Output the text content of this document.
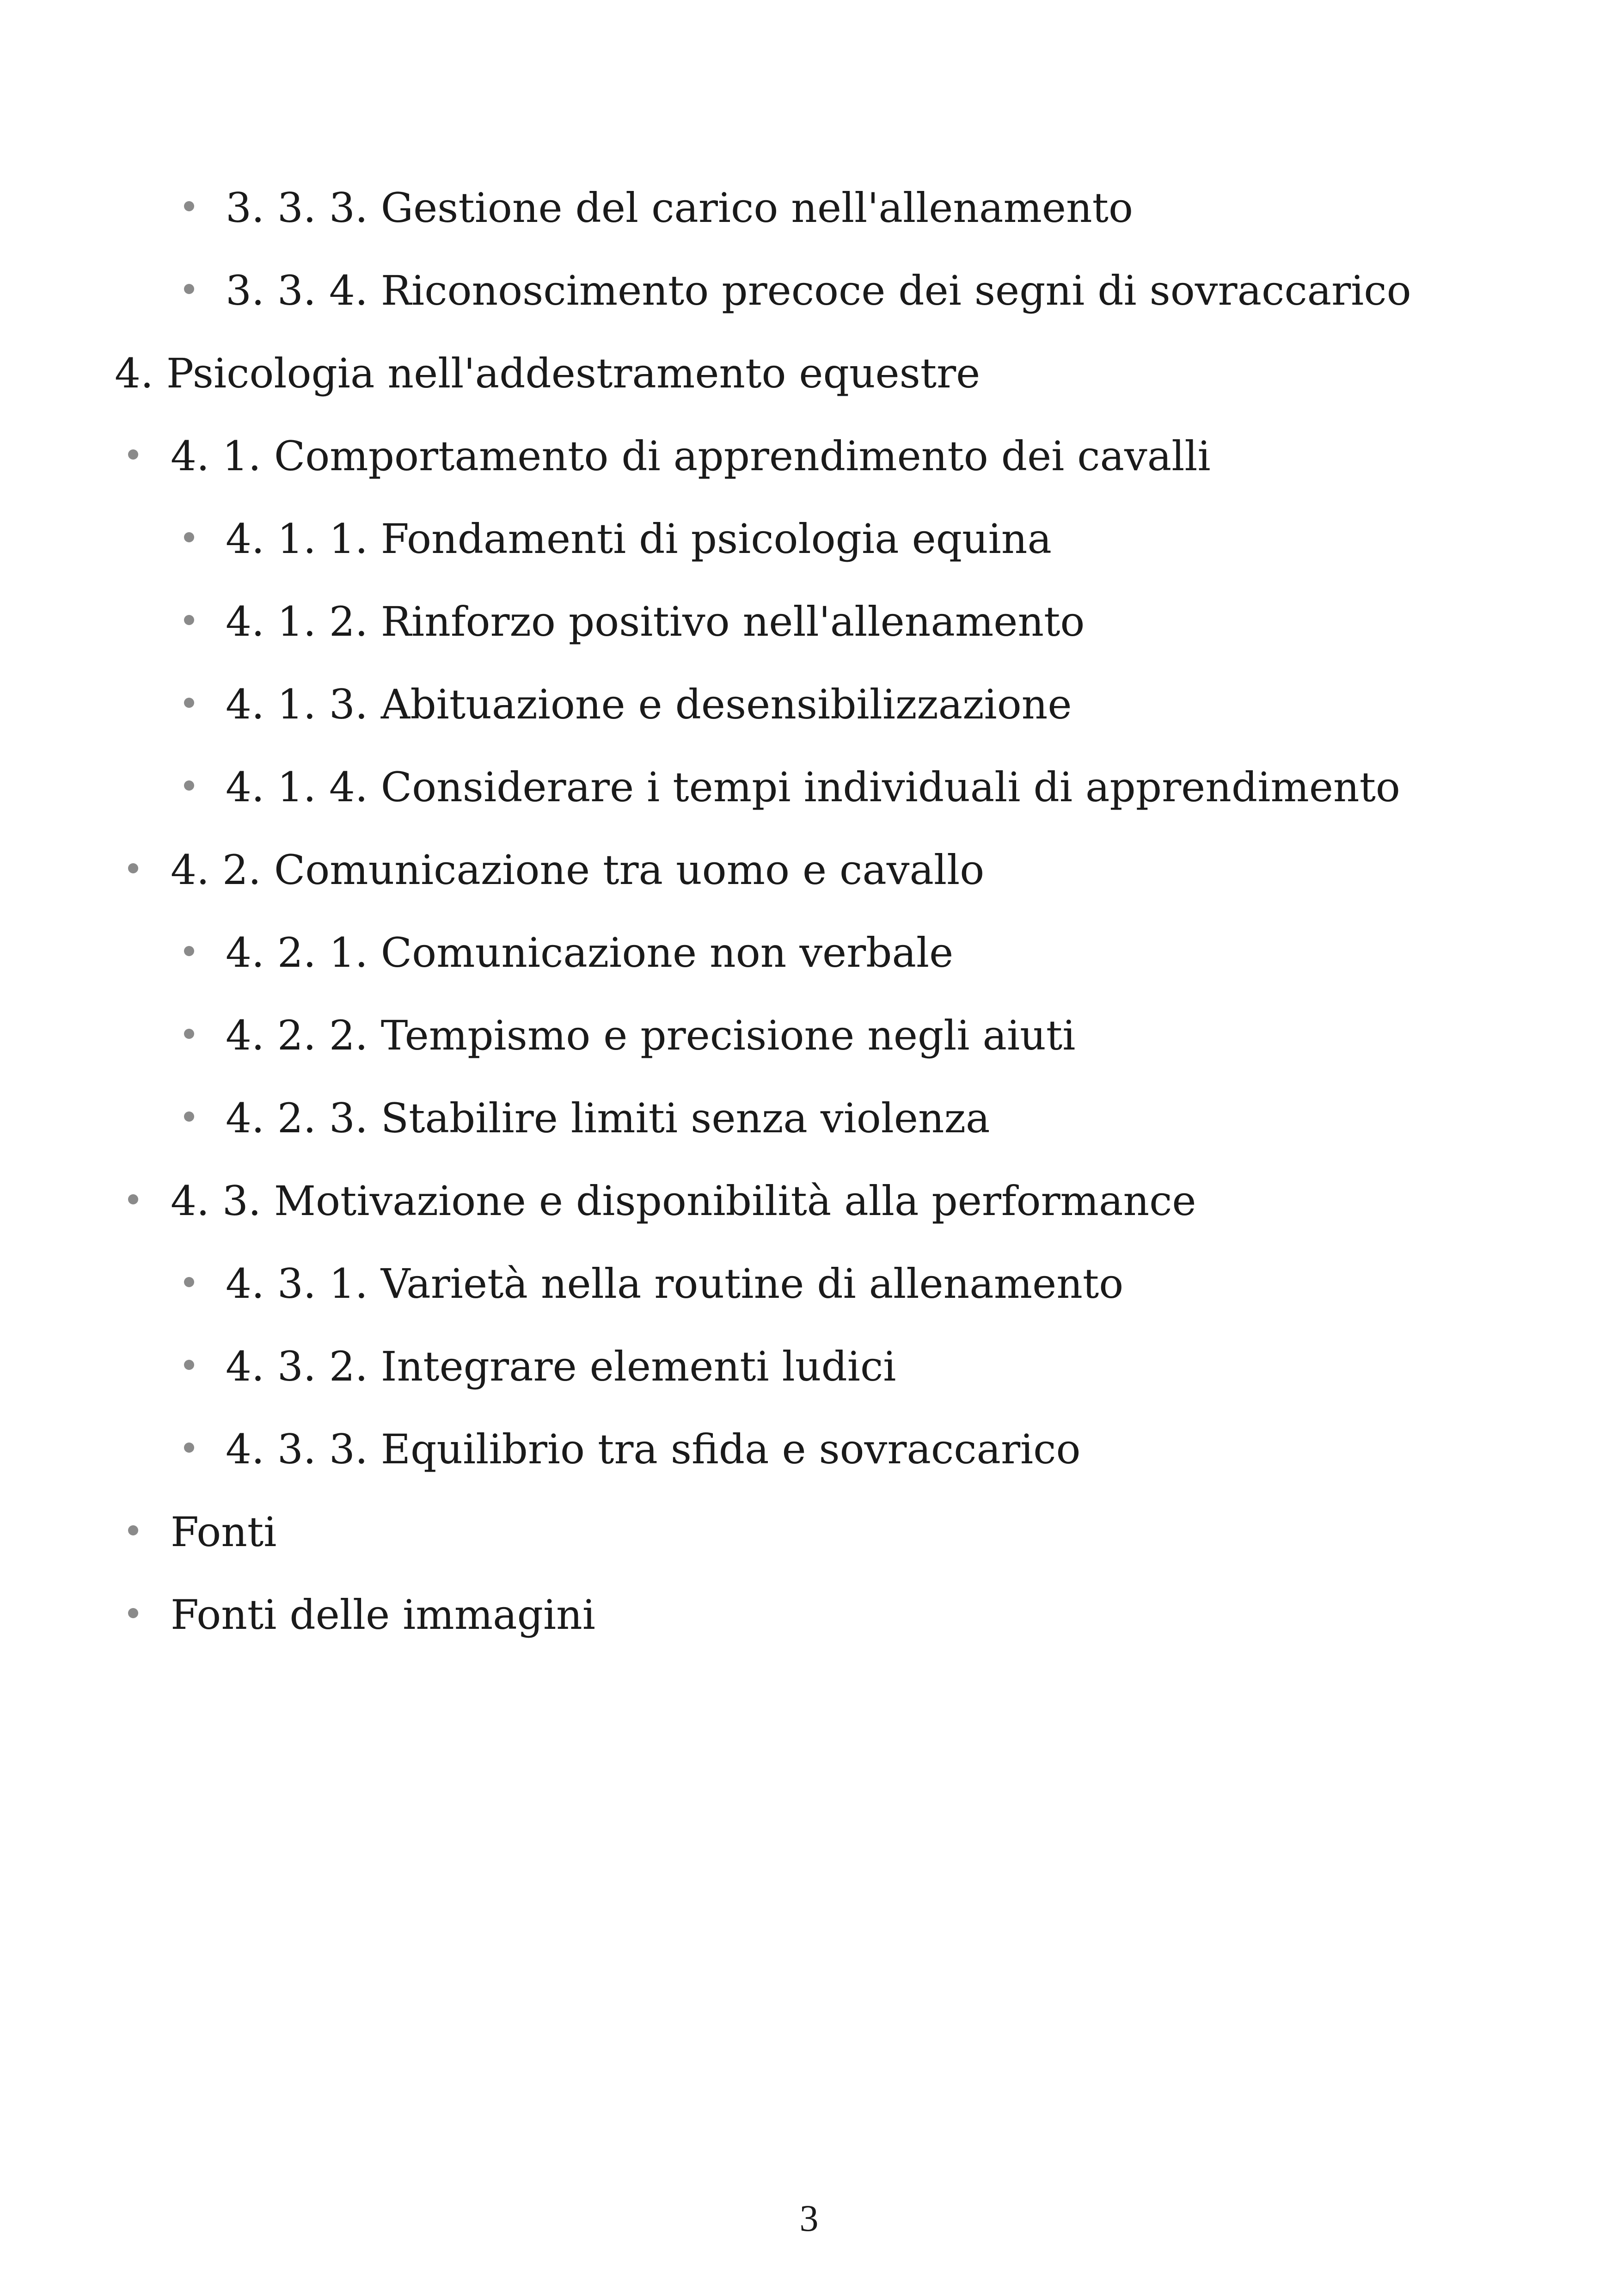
3. 3. 3. Gestione del carico nell'allenamento
3. 3. 4. Riconoscimento precoce dei segni di sovraccarico
4. Psicologia nell'addestramento equestre
4. 1. Comportamento di apprendimento dei cavalli
4. 1. 1. Fondamenti di psicologia equina
4. 1. 2. Rinforzo positivo nell'allenamento
4. 1. 3. Abituazione e desensibilizzazione
4. 1. 4. Considerare i tempi individuali di apprendimento
4. 2. Comunicazione tra uomo e cavallo
4. 2. 1. Comunicazione non verbale
4. 2. 2. Tempismo e precisione negli aiuti
4. 2. 3. Stabilire limiti senza violenza
4. 3. Motivazione e disponibilità alla performance
4. 3. 1. Varietà nella routine di allenamento
4. 3. 2. Integrare elementi ludici
4. 3. 3. Equilibrio tra sfida e sovraccarico
Fonti
Fonti delle immagini
3
